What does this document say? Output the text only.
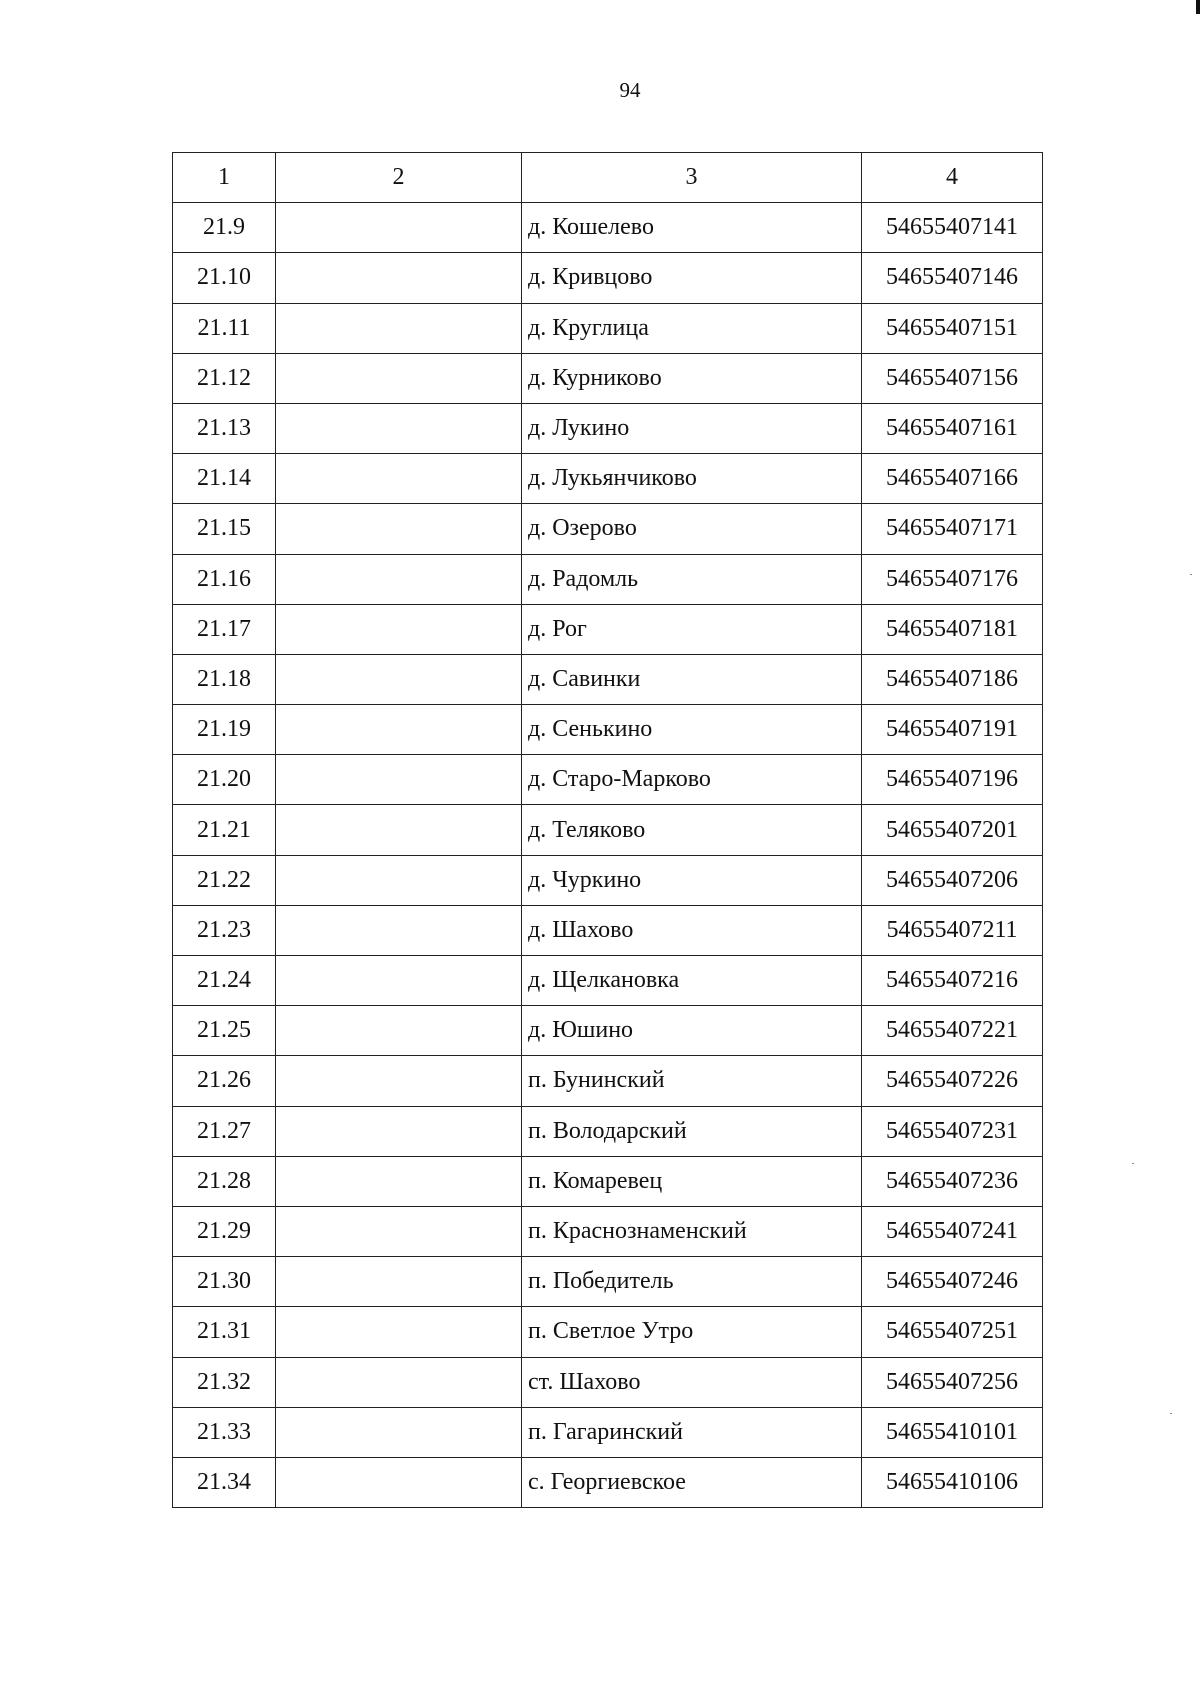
94
1	2	3	4
21.9		д. Кошелево	54655407141
21.10		д. Кривцово	54655407146
21.11		д. Круглица	54655407151
21.12		д. Курниково	54655407156
21.13		д. Лукино	54655407161
21.14		д. Лукьянчиково	54655407166
21.15		д. Озерово	54655407171
21.16		д. Радомль	54655407176
21.17		д. Рог	54655407181
21.18		д. Савинки	54655407186
21.19		д. Сенькино	54655407191
21.20		д. Старо-Марково	54655407196
21.21		д. Теляково	54655407201
21.22		д. Чуркино	54655407206
21.23		д. Шахово	54655407211
21.24		д. Щелкановка	54655407216
21.25		д. Юшино	54655407221
21.26		п. Бунинский	54655407226
21.27		п. Володарский	54655407231
21.28		п. Комаревец	54655407236
21.29		п. Краснознаменский	54655407241
21.30		п. Победитель	54655407246
21.31		п. Светлое Утро	54655407251
21.32		ст. Шахово	54655407256
21.33		п. Гагаринский	54655410101
21.34		с. Георгиевское	54655410106
